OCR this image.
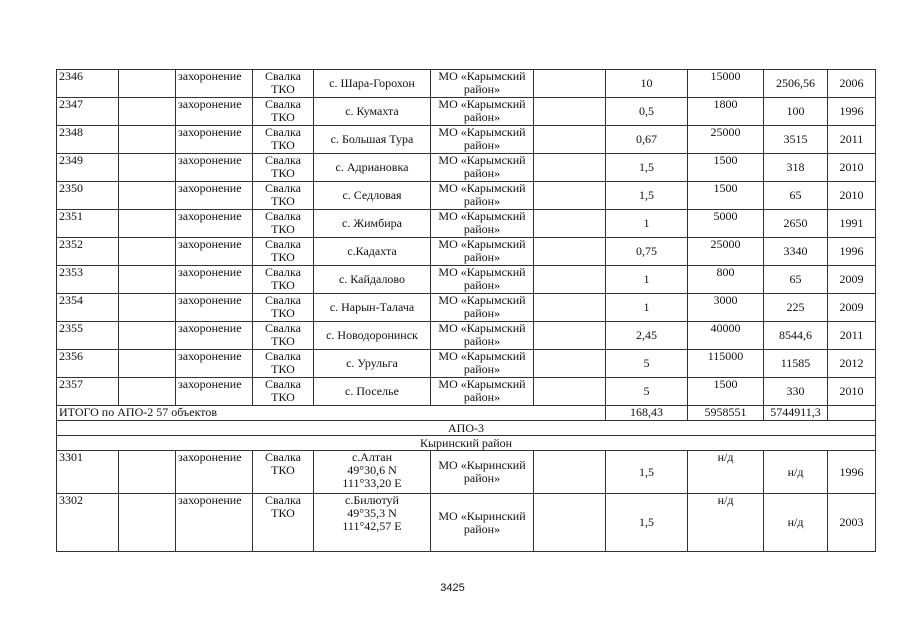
2346		захоронение	Свалка
ТКО	с. Шара-Горохон	МО «Карымский
район»		10	15000	2506,56	2006

2347		захоронение	Свалка
ТКО	с. Кумахта	МО «Карымский
район»		0,5	1800	100	1996

2348		захоронение	Свалка
ТКО	с. Большая Тура	МО «Карымский
район»		0,67	25000	3515	2011

2349		захоронение	Свалка
ТКО	с. Адриановка	МО «Карымский
район»		1,5	1500	318	2010

2350		захоронение	Свалка
ТКО	с. Седловая	МО «Карымский
район»		1,5	1500	65	2010

2351		захоронение	Свалка
ТКО	с. Жимбира	МО «Карымский
район»		1	5000	2650	1991

2352		захоронение	Свалка
ТКО	с.Кадахта	МО «Карымский
район»		0,75	25000	3340	1996

2353		захоронение	Свалка
ТКО	с. Кайдалово	МО «Карымский
район»		1	800	65	2009

2354		захоронение	Свалка
ТКО	с. Нарын-Талача	МО «Карымский
район»		1	3000	225	2009

2355		захоронение	Свалка
ТКО	с. Новодоронинск	МО «Карымский
район»		2,45	40000	8544,6	2011

2356		захоронение	Свалка
ТКО	с. Урульга	МО «Карымский
район»		5	115000	11585	2012

2357		захоронение	Свалка
ТКО	с. Поселье	МО «Карымский
район»		5	1500	330	2010

ИТОГО по АПО-2 57 объектов							168,43	5958551	5744911,3	

АПО-3										

Кыринский район										

3301		захоронение	Свалка
ТКО	с.Алтан
49°30,6 N
111°33,20 E	МО «Кыринский
район»		1,5	н/д	н/д	1996

3302		захоронение	Свалка
ТКО	с.Билютуй
49°35,3 N
111°42,57 E	МО «Кыринский
район»		1,5	н/д	н/д	2003
3425
